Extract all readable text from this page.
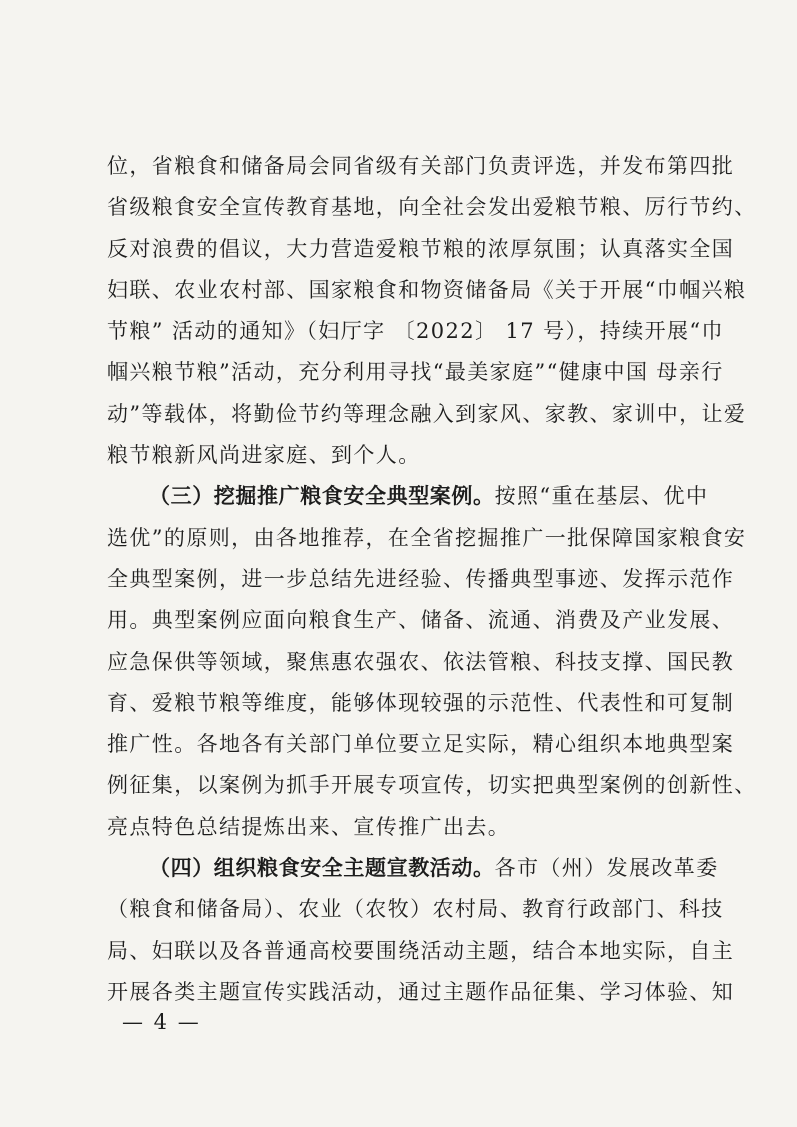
位，省粮食和储备局会同省级有关部门负责评选，并发布第四批
省级粮食安全宣传教育基地，向全社会发出爱粮节粮、厉行节约、
反对浪费的倡议，大力营造爱粮节粮的浓厚氛围；认真落实全国
妇联、农业农村部、国家粮食和物资储备局《关于开展“巾帼兴粮
节粮” 活动的通知》（妇厅字 〔2022〕 17 号），持续开展“巾
帼兴粮节粮”活动，充分利用寻找“最美家庭”“健康中国 母亲行
动”等载体，将勤俭节约等理念融入到家风、家教、家训中，让爱
粮节粮新风尚进家庭、到个人。
（三）挖掘推广粮食安全典型案例。按照“重在基层、优中
选优”的原则，由各地推荐，在全省挖掘推广一批保障国家粮食安
全典型案例，进一步总结先进经验、传播典型事迹、发挥示范作
用。典型案例应面向粮食生产、储备、流通、消费及产业发展、
应急保供等领域，聚焦惠农强农、依法管粮、科技支撑、国民教
育、爱粮节粮等维度，能够体现较强的示范性、代表性和可复制
推广性。各地各有关部门单位要立足实际，精心组织本地典型案
例征集，以案例为抓手开展专项宣传，切实把典型案例的创新性、
亮点特色总结提炼出来、宣传推广出去。
（四）组织粮食安全主题宣教活动。各市（州）发展改革委
（粮食和储备局）、农业（农牧）农村局、教育行政部门、科技
局、妇联以及各普通高校要围绕活动主题，结合本地实际，自主
开展各类主题宣传实践活动，通过主题作品征集、学习体验、知
— 4 —
